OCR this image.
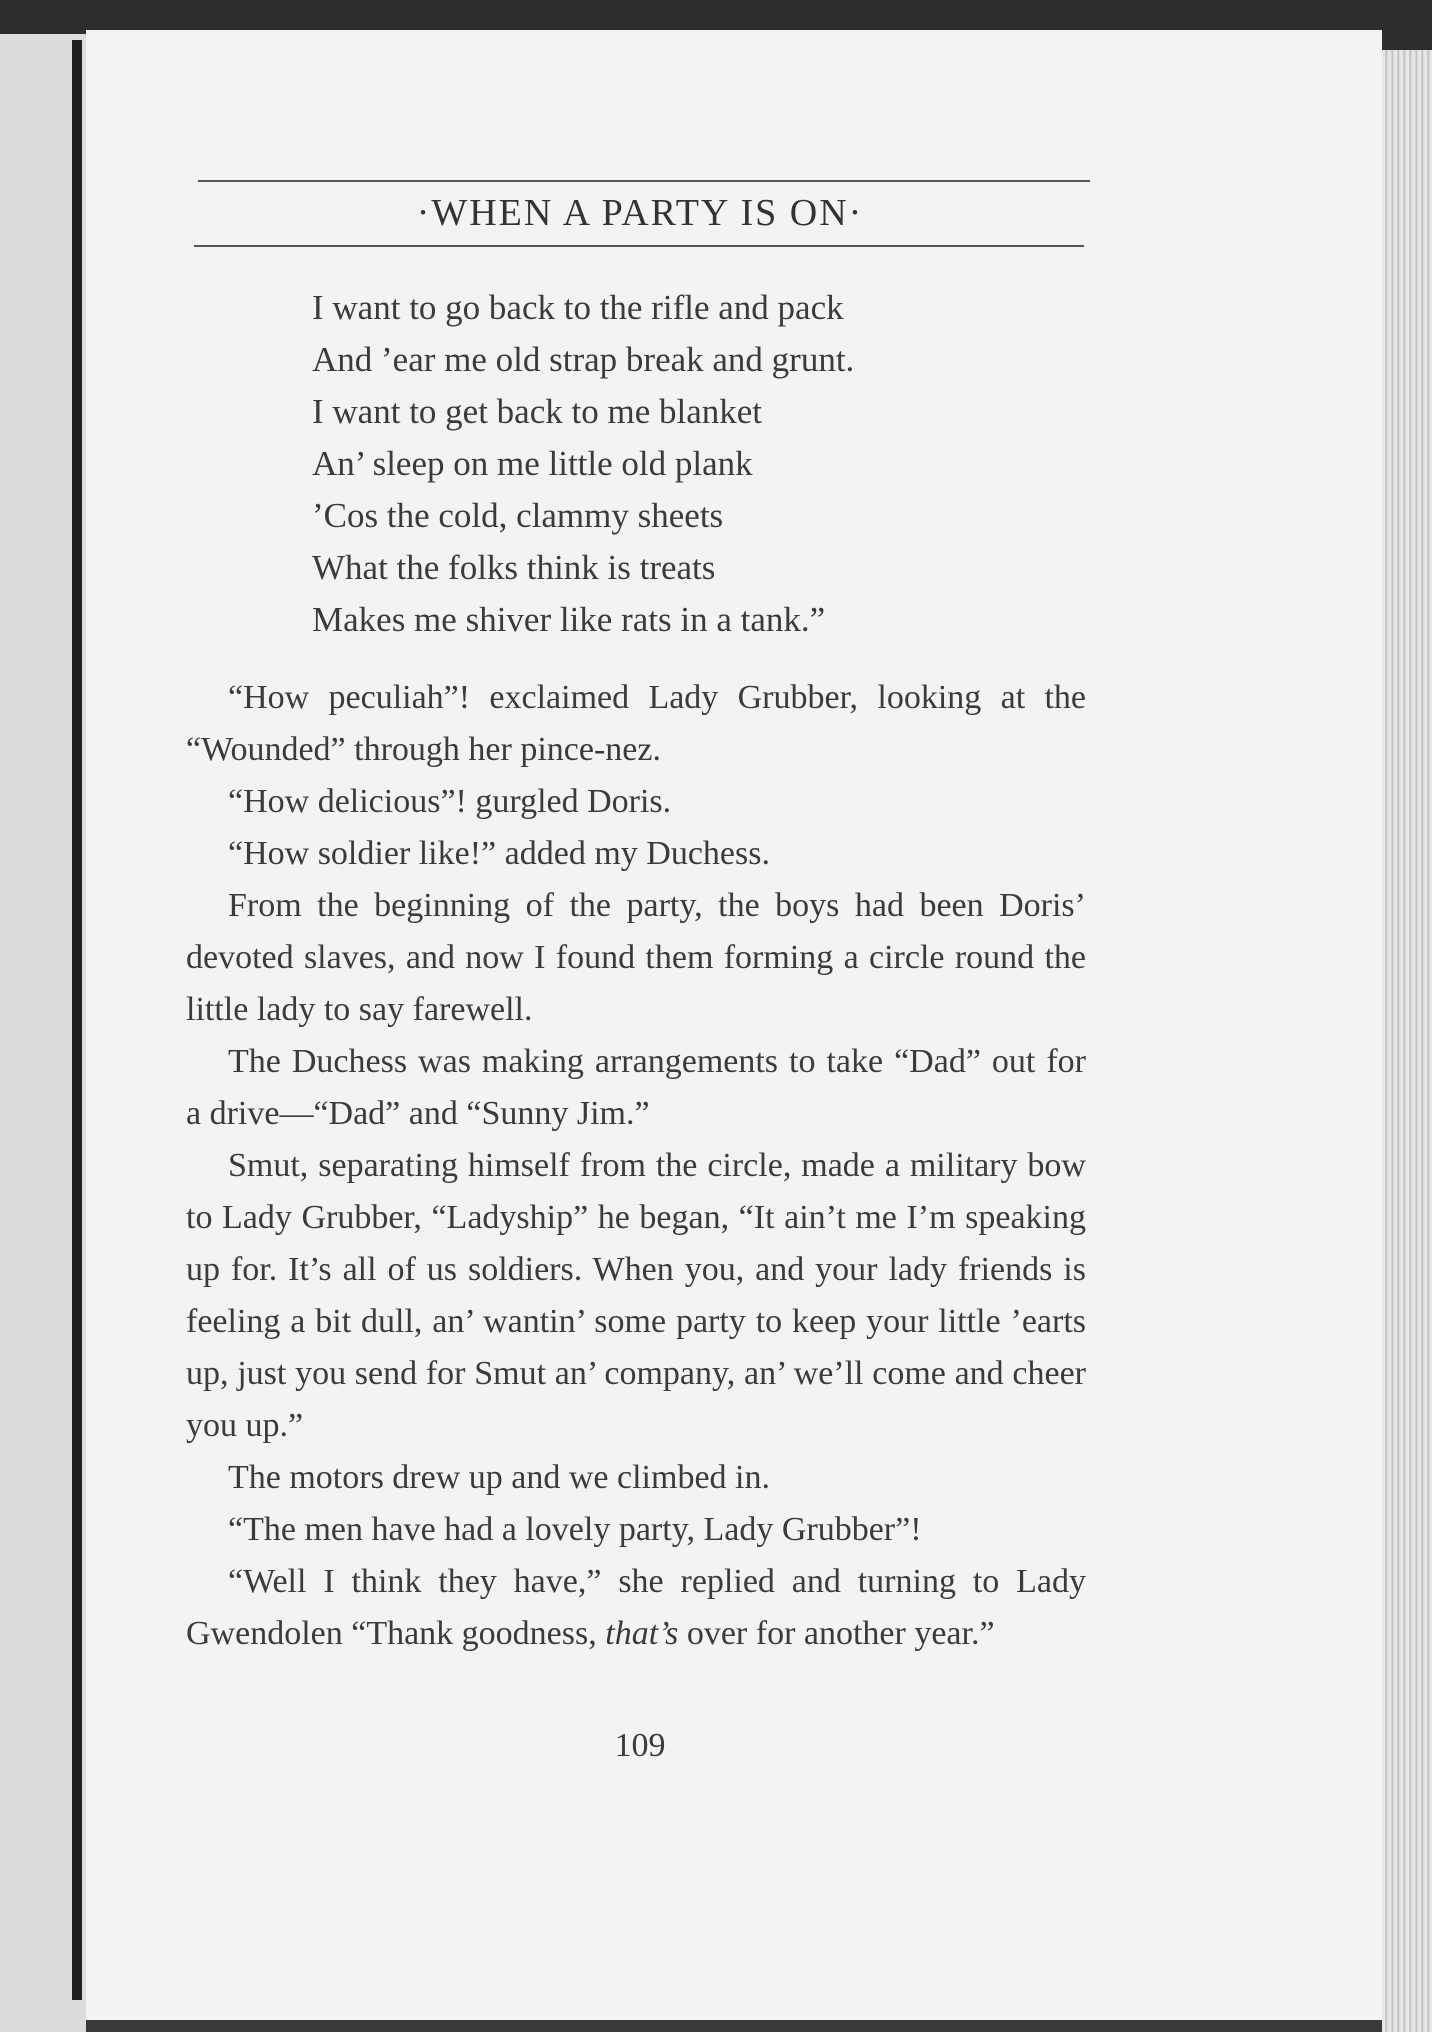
·WHEN A PARTY IS ON·
I want to go back to the rifle and pack
And ’ear me old strap break and grunt.
I want to get back to me blanket
An’ sleep on me little old plank
’Cos the cold, clammy sheets
What the folks think is treats
Makes me shiver like rats in a tank.”

“How peculiah”! exclaimed Lady Grubber, looking at the “Wounded” through her pince-nez.

“How delicious”! gurgled Doris.

“How soldier like!” added my Duchess.

From the beginning of the party, the boys had been Doris’ devoted slaves, and now I found them forming a circle round the little lady to say farewell.

The Duchess was making arrangements to take “Dad” out for a drive—“Dad” and “Sunny Jim.”

Smut, separating himself from the circle, made a military bow to Lady Grubber, “Ladyship” he began, “It ain’t me I’m speaking up for. It’s all of us soldiers. When you, and your lady friends is feeling a bit dull, an’ wantin’ some party to keep your little ’earts up, just you send for Smut an’ company, an’ we’ll come and cheer you up.”

The motors drew up and we climbed in.

“The men have had a lovely party, Lady Grubber”!

“Well I think they have,” she replied and turning to Lady Gwendolen “Thank goodness, that’s over for another year.”

109
